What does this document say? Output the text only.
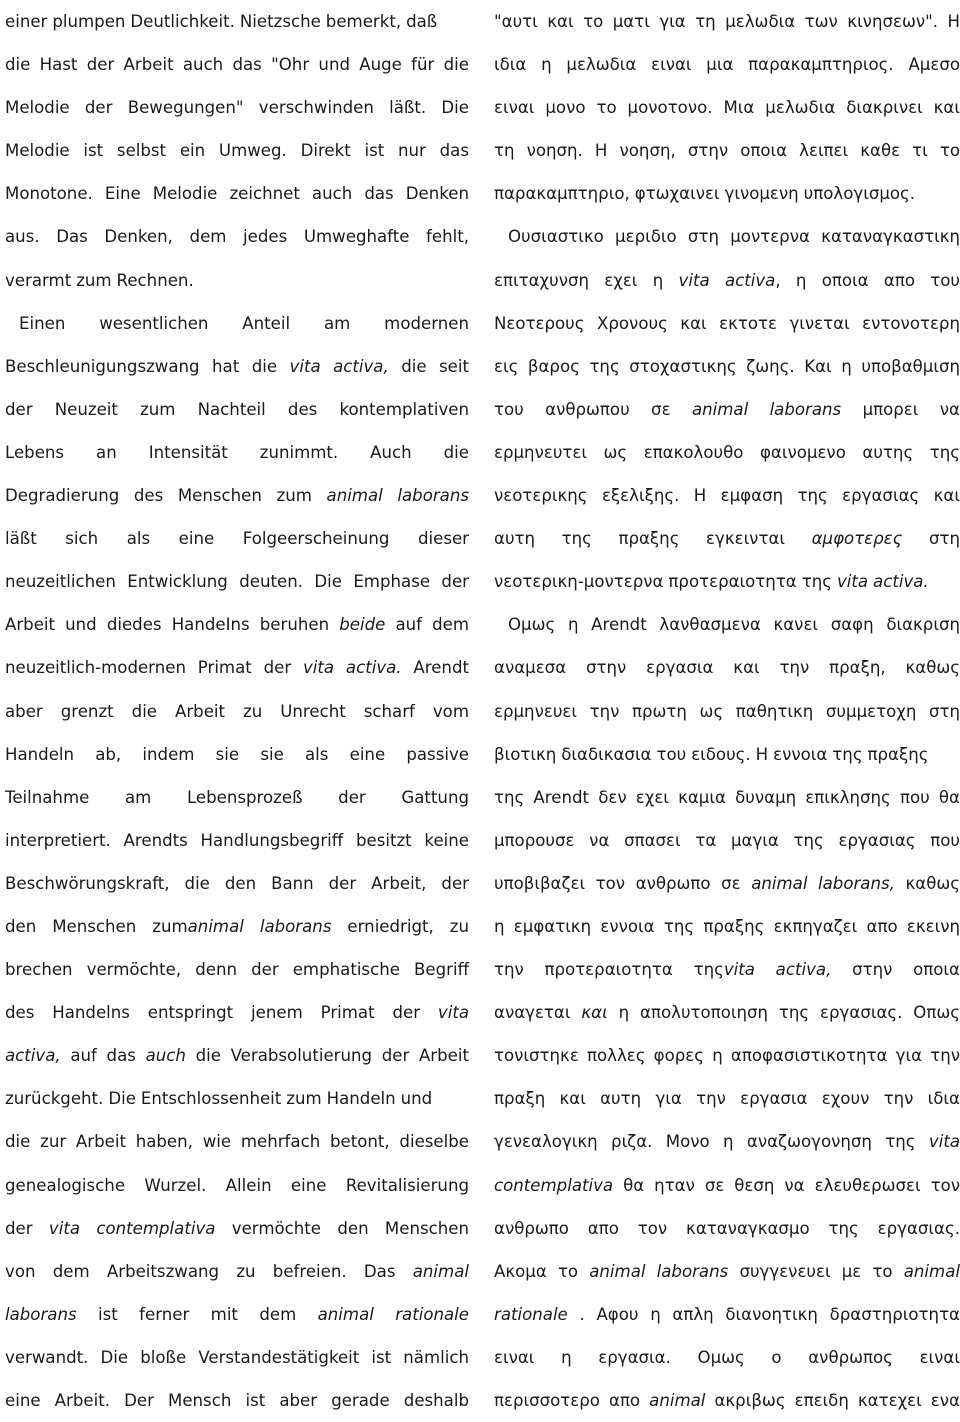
einer plumpen Deutlichkeit. Nietzsche bemerkt, daß
die Hast der Arbeit auch das "Ohr und Auge für die
Melodie der Bewegungen" verschwinden läßt. Die
Melodie ist selbst ein Umweg. Direkt ist nur das
Monotone. Eine Melodie zeichnet auch das Denken
aus. Das Denken, dem jedes Umweghafte fehlt,
verarmt zum Rechnen.
Einen wesentlichen Anteil am modernen
Beschleunigungszwang hat die vita activa, die seit
der Neuzeit zum Nachteil des kontemplativen
Lebens an Intensität zunimmt. Auch die
Degradierung des Menschen zum animal laborans
läßt sich als eine Folgeerscheinung dieser
neuzeitlichen Entwicklung deuten. Die Emphase der
Arbeit und diedes HandeIns beruhen beide auf dem
neuzeitlich-modernen Primat der vita activa. Arendt
aber grenzt die Arbeit zu Unrecht scharf vom
Handeln ab, indem sie sie als eine passive
Teilnahme am Lebensprozeß der Gattung
interpretiert. Arendts Handlungsbegriff besitzt keine
Beschwörungskraft, die den Bann der Arbeit, der
den Menschen zumanimal laborans erniedrigt, zu
brechen vermöchte, denn der emphatische Begriff
des Handelns entspringt jenem Primat der vita
activa, auf das auch die Verabsolutierung der Arbeit
zurückgeht. Die Entschlossenheit zum Handeln und
die zur Arbeit haben, wie mehrfach betont, dieselbe
genealogische Wurzel. Allein eine Revitalisierung
der vita contemplativa vermöchte den Menschen
von dem Arbeitszwang zu befreien. Das animal
laborans ist ferner mit dem animal rationale
verwandt. Die bloße Verstandestätigkeit ist nämlich
eine Arbeit. Der Mensch ist aber gerade deshalb
"αυτι και το ματι για τη μελωδια των κινησεων". Η
ιδια η μελωδια ειναι μια παρακαμπτηριος. Αμεσο
ειναι μονο το μονοτονο. Μια μελωδια διακρινει και
τη νοηση. Η νοηση, στην οποια λειπει καθε τι το
παρακαμπτηριο, φτωχαινει γινομενη υπολογισμος.
Ουσιαστικο μεριδιο στη μοντερνα καταναγκαστικη
επιταχυνση εχει η vita activa, η οποια απο του
Νεοτερους Χρονους και εκτοτε γινεται εντονοτερη
εις βαρος της στοχαστικης ζωης. Και η υποβαθμιση
του ανθρωπου σε animal laborans μπορει να
ερμηνευτει ως επακολουθο φαινομενο αυτης της
νεοτερικης εξελιξης. Η εμφαση της εργασιας και
αυτη της πραξης εγκεινται αμφοτερες στη
νεοτερικη-μοντερνα προτεραιοτητα της vita activa.
Ομως η Arendt λανθασμενα κανει σαφη διακριση
αναμεσα στην εργασια και την πραξη, καθως
ερμηνευει την πρωτη ως παθητικη συμμετοχη στη
βιοτικη διαδικασια του ειδους. Η εννοια της πραξης
της Arendt δεν εχει καμια δυναμη επικλησης που θα
μπορουσε να σπασει τα μαγια της εργασιας που
υποβιβαζει τον ανθρωπο σε animal laborans, καθως
η εμφατικη εννοια της πραξης εκπηγαζει απο εκεινη
την προτεραιοτητα τηςvita activa, στην οποια
αναγεται και η απολυτοποιηση της εργασιας. Οπως
τονιστηκε πολλες φορες η αποφασιστικοτητα για την
πραξη και αυτη για την εργασια εχουν την ιδια
γενεαλογικη ριζα. Μονο η αναζωογονηση της vita
contemplativa θα ηταν σε θεση να ελευθερωσει τον
ανθρωπο απο τον καταναγκασμο της εργασιας.
Ακομα το animal laborans συγγενευει με το animal
rationale . Αφου η απλη διανοητικη δραστηριοτητα
ειναι η εργασια. Ομως ο ανθρωπος ειναι
περισσοτερο απο animal ακριβως επειδη κατεχει ενα
